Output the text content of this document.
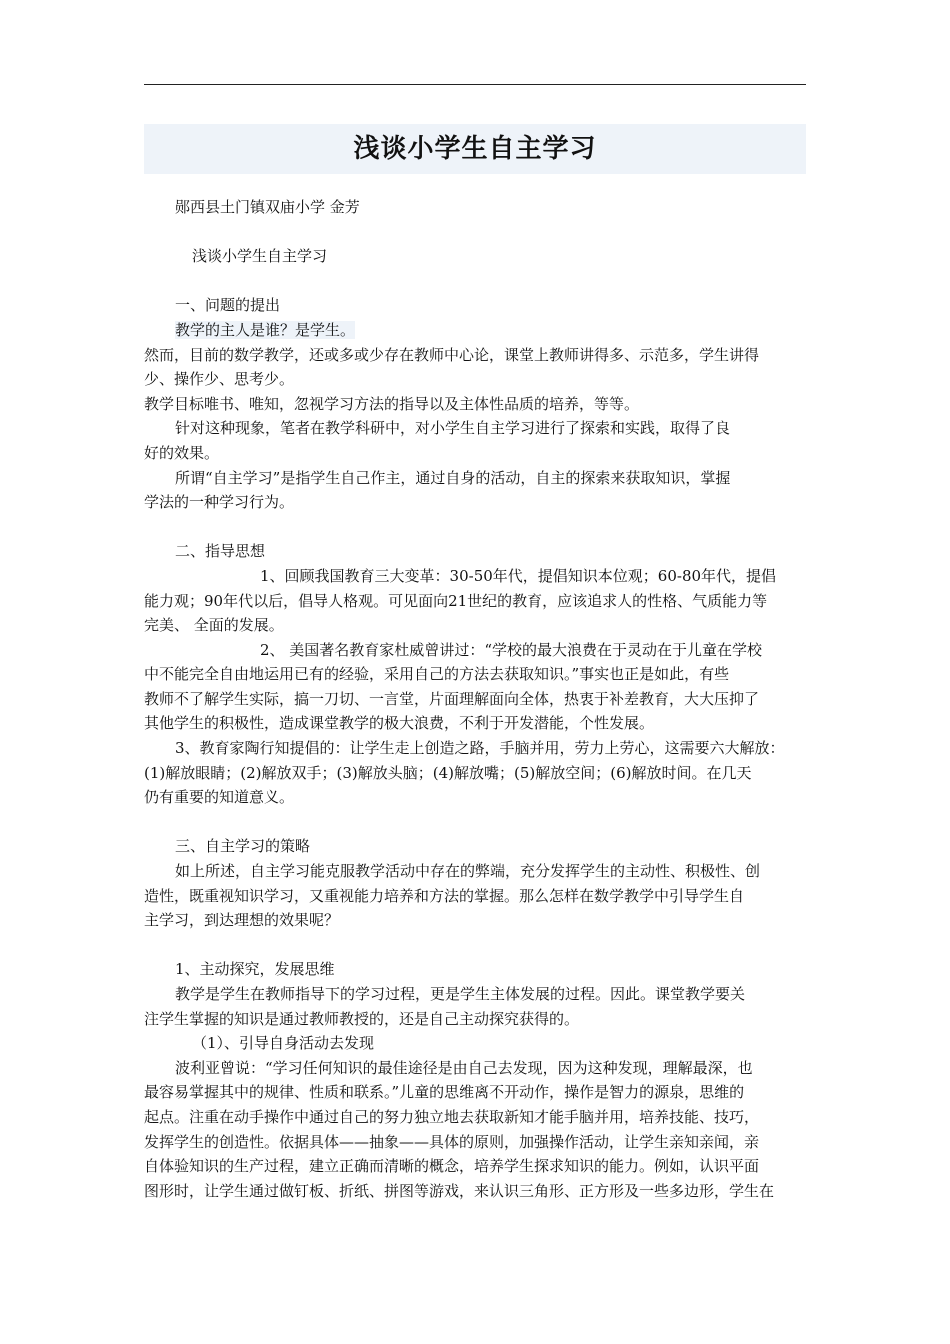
浅谈小学生自主学习

郧西县土门镇双庙小学 金芳

浅谈小学生自主学习

一、问题的提出

教学的主人是谁？是学生。

然而，目前的数学教学，还或多或少存在教师中心论，课堂上教师讲得多、示范多，学生讲得

少、操作少、思考少。

教学目标唯书、唯知，忽视学习方法的指导以及主体性品质的培养，等等。

针对这种现象，笔者在教学科研中，对小学生自主学习进行了探索和实践，取得了良

好的效果。

所谓“自主学习”是指学生自己作主，通过自身的活动，自主的探索来获取知识，掌握

学法的一种学习行为。

二、指导思想

1、回顾我国教育三大变革：30-50年代，提倡知识本位观；60-80年代，提倡

能力观；90年代以后，倡导人格观。可见面向21世纪的教育，应该追求人的性格、气质能力等

完美、 全面的发展。

2、 美国著名教育家杜威曾讲过：“学校的最大浪费在于灵动在于儿童在学校

中不能完全自由地运用已有的经验，采用自己的方法去获取知识。”事实也正是如此，有些

教师不了解学生实际，搞一刀切、一言堂，片面理解面向全体，热衷于补差教育，大大压抑了

其他学生的积极性，造成课堂教学的极大浪费，不利于开发潜能，个性发展。

3、教育家陶行知提倡的：让学生走上创造之路，手脑并用，劳力上劳心，这需要六大解放：

(1)解放眼睛；(2)解放双手；(3)解放头脑；(4)解放嘴；(5)解放空间；(6)解放时间。在几天

仍有重要的知道意义。

三、自主学习的策略

如上所述，自主学习能克服教学活动中存在的弊端，充分发挥学生的主动性、积极性、创

造性，既重视知识学习，又重视能力培养和方法的掌握。那么怎样在数学教学中引导学生自

主学习，到达理想的效果呢？

1、主动探究，发展思维

教学是学生在教师指导下的学习过程，更是学生主体发展的过程。因此。课堂教学要关

注学生掌握的知识是通过教师教授的，还是自己主动探究获得的。

（1）、引导自身活动去发现

波利亚曾说：“学习任何知识的最佳途径是由自己去发现，因为这种发现，理解最深，也

最容易掌握其中的规律、性质和联系。”儿童的思维离不开动作，操作是智力的源泉，思维的

起点。注重在动手操作中通过自己的努力独立地去获取新知才能手脑并用，培养技能、技巧，

发挥学生的创造性。依据具体——抽象——具体的原则，加强操作活动，让学生亲知亲闻，亲

自体验知识的生产过程，建立正确而清晰的概念，培养学生探求知识的能力。例如，认识平面

图形时，让学生通过做钉板、折纸、拼图等游戏，来认识三角形、正方形及一些多边形，学生在
